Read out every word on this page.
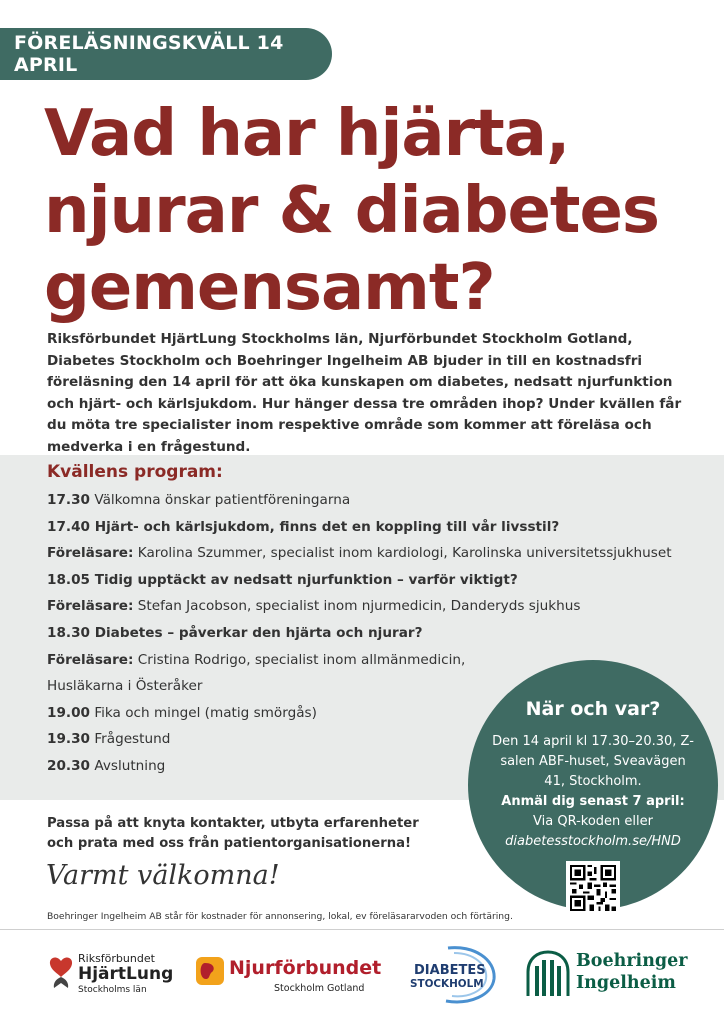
FÖRELÄSNINGSKVÄLL 14 APRIL
Vad har hjärta,
njurar & diabetes
gemensamt?

Riksförbundet HjärtLung Stockholms län, Njurförbundet Stockholm Gotland, Diabetes Stockholm och Boehringer Ingelheim AB bjuder in till en kostnadsfri föreläsning den 14 april för att öka kunskapen om diabetes, nedsatt njurfunktion och hjärt- och kärlsjukdom. Hur hänger dessa tre områden ihop? Under kvällen får du möta tre specialister inom respektive område som kommer att föreläsa och medverka i en frågestund.

Kvällens program:
17.30 Välkomna önskar patientföreningarna
17.40 Hjärt- och kärlsjukdom, finns det en koppling till vår livsstil?
Föreläsare: Karolina Szummer, specialist inom kardiologi, Karolinska universitetssjukhuset
18.05 Tidig upptäckt av nedsatt njurfunktion – varför viktigt?
Föreläsare: Stefan Jacobson, specialist inom njurmedicin, Danderyds sjukhus
18.30 Diabetes – påverkar den hjärta och njurar?
Föreläsare: Cristina Rodrigo, specialist inom allmänmedicin,
Husläkarna i Österåker
19.00 Fika och mingel (matig smörgås)
19.30 Frågestund
20.30 Avslutning
När och var?
Den 14 april kl 17.30–20.30, Z-salen ABF-huset, Sveavägen 41, Stockholm.
Anmäl dig senast 7 april:
Via QR-koden eller
diabetesstockholm.se/HND

Passa på att knyta kontakter, utbyta erfarenheter och prata med oss från patientorganisationerna!

Varmt välkomna!

Boehringer Ingelheim AB står för kostnader för annonsering, lokal, ev föreläsararvoden och förtäring.

Riksförbundet
HjärtLung
Stockholms län
Njurförbundet
Stockholm Gotland
DIABETES
STOCKHOLM
Boehringer
Ingelheim
